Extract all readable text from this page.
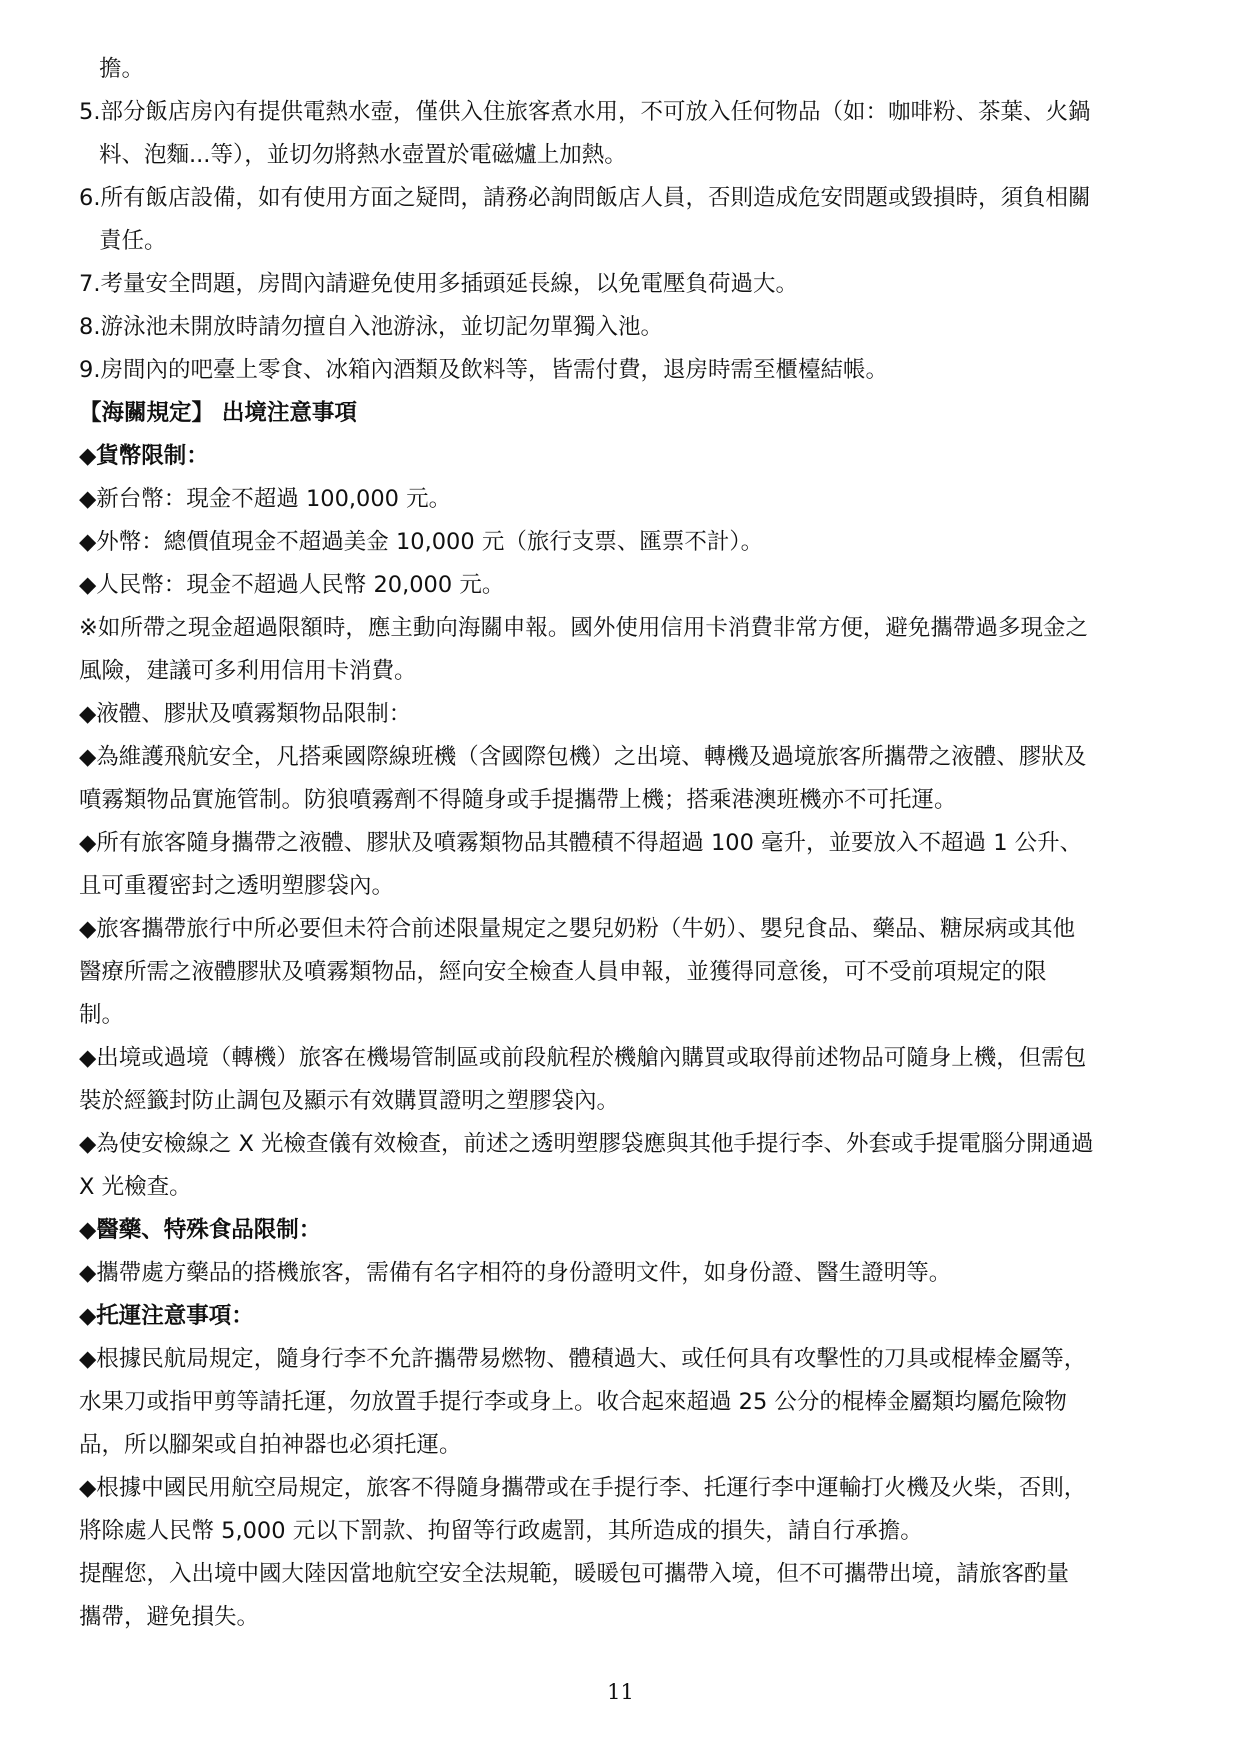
擔。
5.部分飯店房內有提供電熱水壺，僅供入住旅客煮水用，不可放入任何物品（如：咖啡粉、茶葉、火鍋
料、泡麵...等），並切勿將熱水壺置於電磁爐上加熱。
6.所有飯店設備，如有使用方面之疑問，請務必詢問飯店人員，否則造成危安問題或毀損時，須負相關
責任。
7.考量安全問題，房間內請避免使用多插頭延長線，以免電壓負荷過大。
8.游泳池未開放時請勿擅自入池游泳，並切記勿單獨入池。
9.房間內的吧臺上零食、冰箱內酒類及飲料等，皆需付費，退房時需至櫃檯結帳。
【海關規定】 出境注意事項
◆貨幣限制：
◆新台幣：現金不超過 100,000 元。
◆外幣：總價值現金不超過美金 10,000 元（旅行支票、匯票不計）。
◆人民幣：現金不超過人民幣 20,000 元。
※如所帶之現金超過限額時，應主動向海關申報。國外使用信用卡消費非常方便，避免攜帶過多現金之
風險，建議可多利用信用卡消費。
◆液體、膠狀及噴霧類物品限制：
◆為維護飛航安全，凡搭乘國際線班機（含國際包機）之出境、轉機及過境旅客所攜帶之液體、膠狀及
噴霧類物品實施管制。防狼噴霧劑不得隨身或手提攜帶上機；搭乘港澳班機亦不可托運。
◆所有旅客隨身攜帶之液體、膠狀及噴霧類物品其體積不得超過 100 毫升，並要放入不超過 1 公升、
且可重覆密封之透明塑膠袋內。
◆旅客攜帶旅行中所必要但未符合前述限量規定之嬰兒奶粉（牛奶）、嬰兒食品、藥品、糖尿病或其他
醫療所需之液體膠狀及噴霧類物品，經向安全檢查人員申報，並獲得同意後，可不受前項規定的限
制。
◆出境或過境（轉機）旅客在機場管制區或前段航程於機艙內購買或取得前述物品可隨身上機，但需包
裝於經籤封防止調包及顯示有效購買證明之塑膠袋內。
◆為使安檢線之 X 光檢查儀有效檢查，前述之透明塑膠袋應與其他手提行李、外套或手提電腦分開通過
X 光檢查。
◆醫藥、特殊食品限制：
◆攜帶處方藥品的搭機旅客，需備有名字相符的身份證明文件，如身份證、醫生證明等。
◆托運注意事項：
◆根據民航局規定，隨身行李不允許攜帶易燃物、體積過大、或任何具有攻擊性的刀具或棍棒金屬等，
水果刀或指甲剪等請托運，勿放置手提行李或身上。收合起來超過 25 公分的棍棒金屬類均屬危險物
品，所以腳架或自拍神器也必須托運。
◆根據中國民用航空局規定，旅客不得隨身攜帶或在手提行李、托運行李中運輸打火機及火柴，否則，
將除處人民幣 5,000 元以下罰款、拘留等行政處罰，其所造成的損失，請自行承擔。
提醒您，入出境中國大陸因當地航空安全法規範，暖暖包可攜帶入境，但不可攜帶出境，請旅客酌量
攜帶，避免損失。
11
